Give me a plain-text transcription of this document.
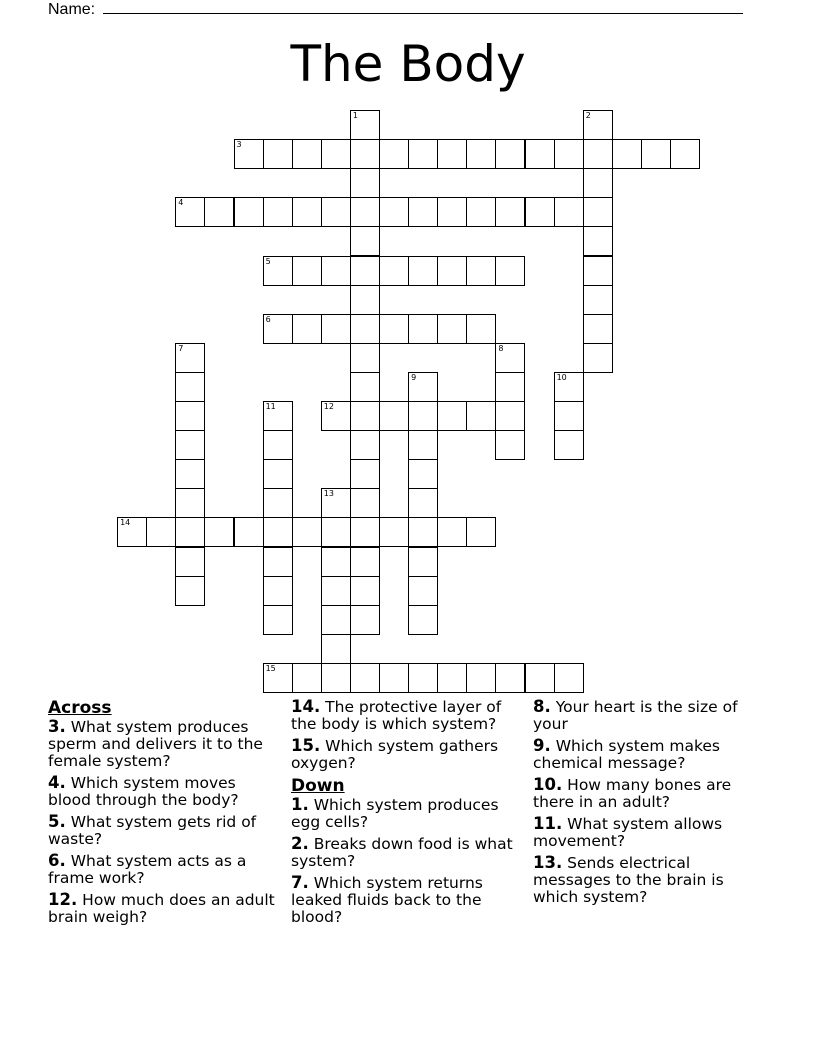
Name:
The Body
1	2
3
4
5
6
7	8
9	10
11	12
13
14
15
Across
3. What system produces sperm and delivers it to the female system?
4. Which system moves blood through the body?
5. What system gets rid of waste?
6. What system acts as a frame work?
12. How much does an adult brain weigh?
14. The protective layer of the body is which system?
15. Which system gathers oxygen?
Down
1. Which system produces egg cells?
2. Breaks down food is what system?
7. Which system returns leaked fluids back to the blood?
8. Your heart is the size of your
9. Which system makes chemical message?
10. How many bones are there in an adult?
11. What system allows movement?
13. Sends electrical messages to the brain is which system?
